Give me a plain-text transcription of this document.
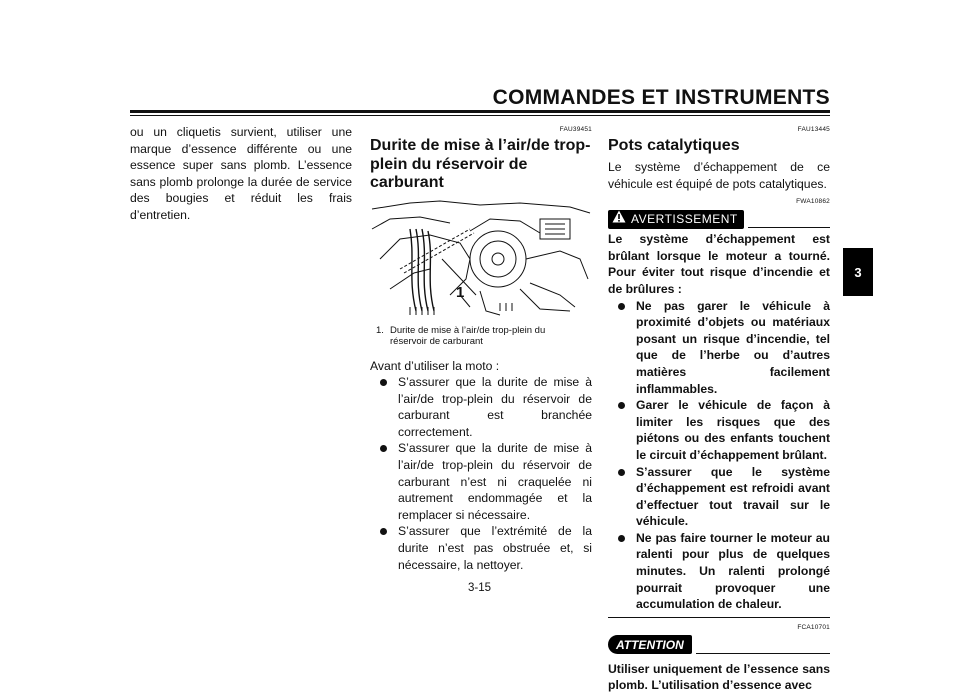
COMMANDES ET INSTRUMENTS
3
ou un cliquetis survient, utiliser une marque d’essence différente ou une essence super sans plomb. L’essence sans plomb prolonge la durée de service des bougies et réduit les frais d’entretien.
FAU39451
Durite de mise à l’air/de trop-plein du réservoir de carburant
1
1. Durite de mise à l’air/de trop-plein du
réservoir de carburant
Avant d’utiliser la moto :
S’assurer que la durite de mise à l’air/de trop-plein du réservoir de carburant est branchée correctement.
S’assurer que la durite de mise à l’air/de trop-plein du réservoir de carburant n’est ni craquelée ni autrement endommagée et la remplacer si nécessaire.
S’assurer que l’extrémité de la durite n’est pas obstruée et, si nécessaire, la nettoyer.
FAU13445
Pots catalytiques
Le système d’échappement de ce véhicule est équipé de pots catalytiques.
FWA10862
AVERTISSEMENT
Le système d’échappement est brûlant lorsque le moteur a tourné. Pour éviter tout risque d’incendie et de brûlures :
Ne pas garer le véhicule à proximité d’objets ou matériaux posant un risque d’incendie, tel que de l’herbe ou d’autres matières facilement inflammables.
Garer le véhicule de façon à limiter les risques que des piétons ou des enfants touchent le circuit d’échappement brûlant.
S’assurer que le système d’échappement est refroidi avant d’effectuer tout travail sur le véhicule.
Ne pas faire tourner le moteur au ralenti pour plus de quelques minutes. Un ralenti prolongé pourrait provoquer une accumulation de chaleur.
FCA10701
ATTENTION
Utiliser uniquement de l’essence sans plomb. L’utilisation d’essence avec
3-15
